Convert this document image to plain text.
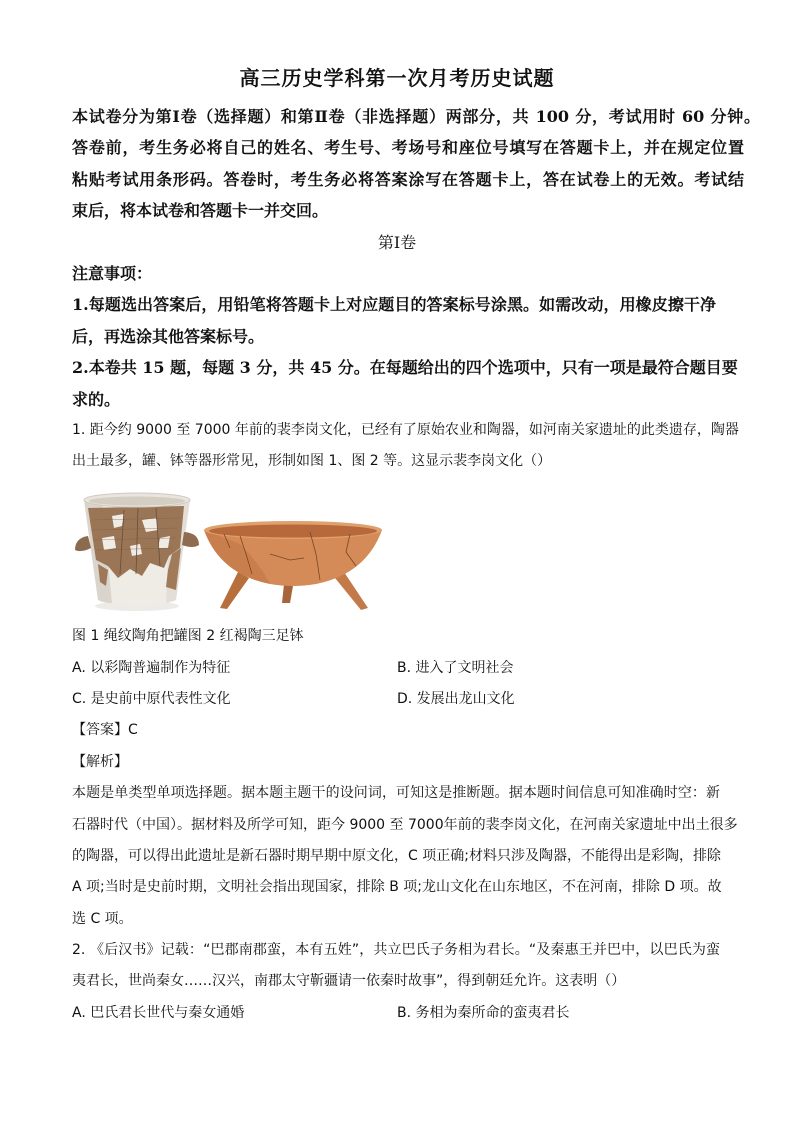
高三历史学科第一次月考历史试题
本试卷分为第Ⅰ卷（选择题）和第Ⅱ卷（非选择题）两部分，共 100 分，考试用时 60 分钟。
答卷前，考生务必将自己的姓名、考生号、考场号和座位号填写在答题卡上，并在规定位置
粘贴考试用条形码。答卷时，考生务必将答案涂写在答题卡上，答在试卷上的无效。考试结
束后，将本试卷和答题卡一并交回。
第Ⅰ卷
注意事项：
1.每题选出答案后，用铅笔将答题卡上对应题目的答案标号涂黑。如需改动，用橡皮擦干净
后，再选涂其他答案标号。
2.本卷共 15 题，每题 3 分，共 45 分。在每题给出的四个选项中，只有一项是最符合题目要
求的。
1. 距今约 9000 至 7000 年前的裴李岗文化，已经有了原始农业和陶器，如河南关家遗址的此类遗存，陶器
出土最多，罐、钵等器形常见，形制如图 1、图 2 等。这显示裴李岗文化（）
图 1 绳纹陶角把罐图 2 红褐陶三足钵
A. 以彩陶普遍制作为特征	B. 进入了文明社会
C. 是史前中原代表性文化	D. 发展出龙山文化
【答案】C
【解析】
本题是单类型单项选择题。据本题主题干的设问词，可知这是推断题。据本题时间信息可知准确时空：新
石器时代（中国）。据材料及所学可知，距今 9000 至 7000年前的裴李岗文化，在河南关家遗址中出土很多
的陶器，可以得出此遗址是新石器时期早期中原文化，C 项正确;材料只涉及陶器，不能得出是彩陶，排除
A 项;当时是史前时期，文明社会指出现国家，排除 B 项;龙山文化在山东地区，不在河南，排除 D 项。故
选 C 项。
2. 《后汉书》记载：“巴郡南郡蛮，本有五姓”，共立巴氏子务相为君长。“及秦惠王并巴中，以巴氏为蛮
夷君长，世尚秦女……汉兴，南郡太守靳疆请一依秦时故事”，得到朝廷允许。这表明（）
A. 巴氏君长世代与秦女通婚	B. 务相为秦所命的蛮夷君长
